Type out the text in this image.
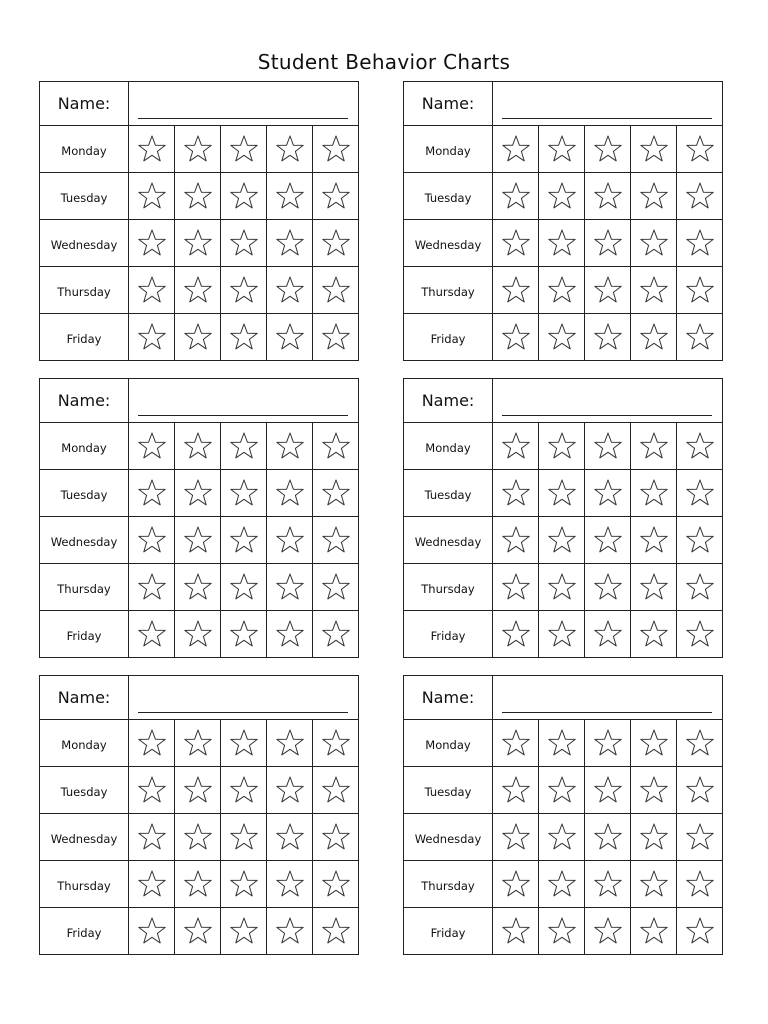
Student Behavior Charts
Name:					

Monday	

Tuesday	

Wednesday	

Thursday	

Friday	

Name:					

Monday	

Tuesday	

Wednesday	

Thursday	

Friday	

Name:					

Monday	

Tuesday	

Wednesday	

Thursday	

Friday	

Name:					

Monday	

Tuesday	

Wednesday	

Thursday	

Friday	

Name:					

Monday	

Tuesday	

Wednesday	

Thursday	

Friday	

Name:					

Monday	

Tuesday	

Wednesday	

Thursday	

Friday	
